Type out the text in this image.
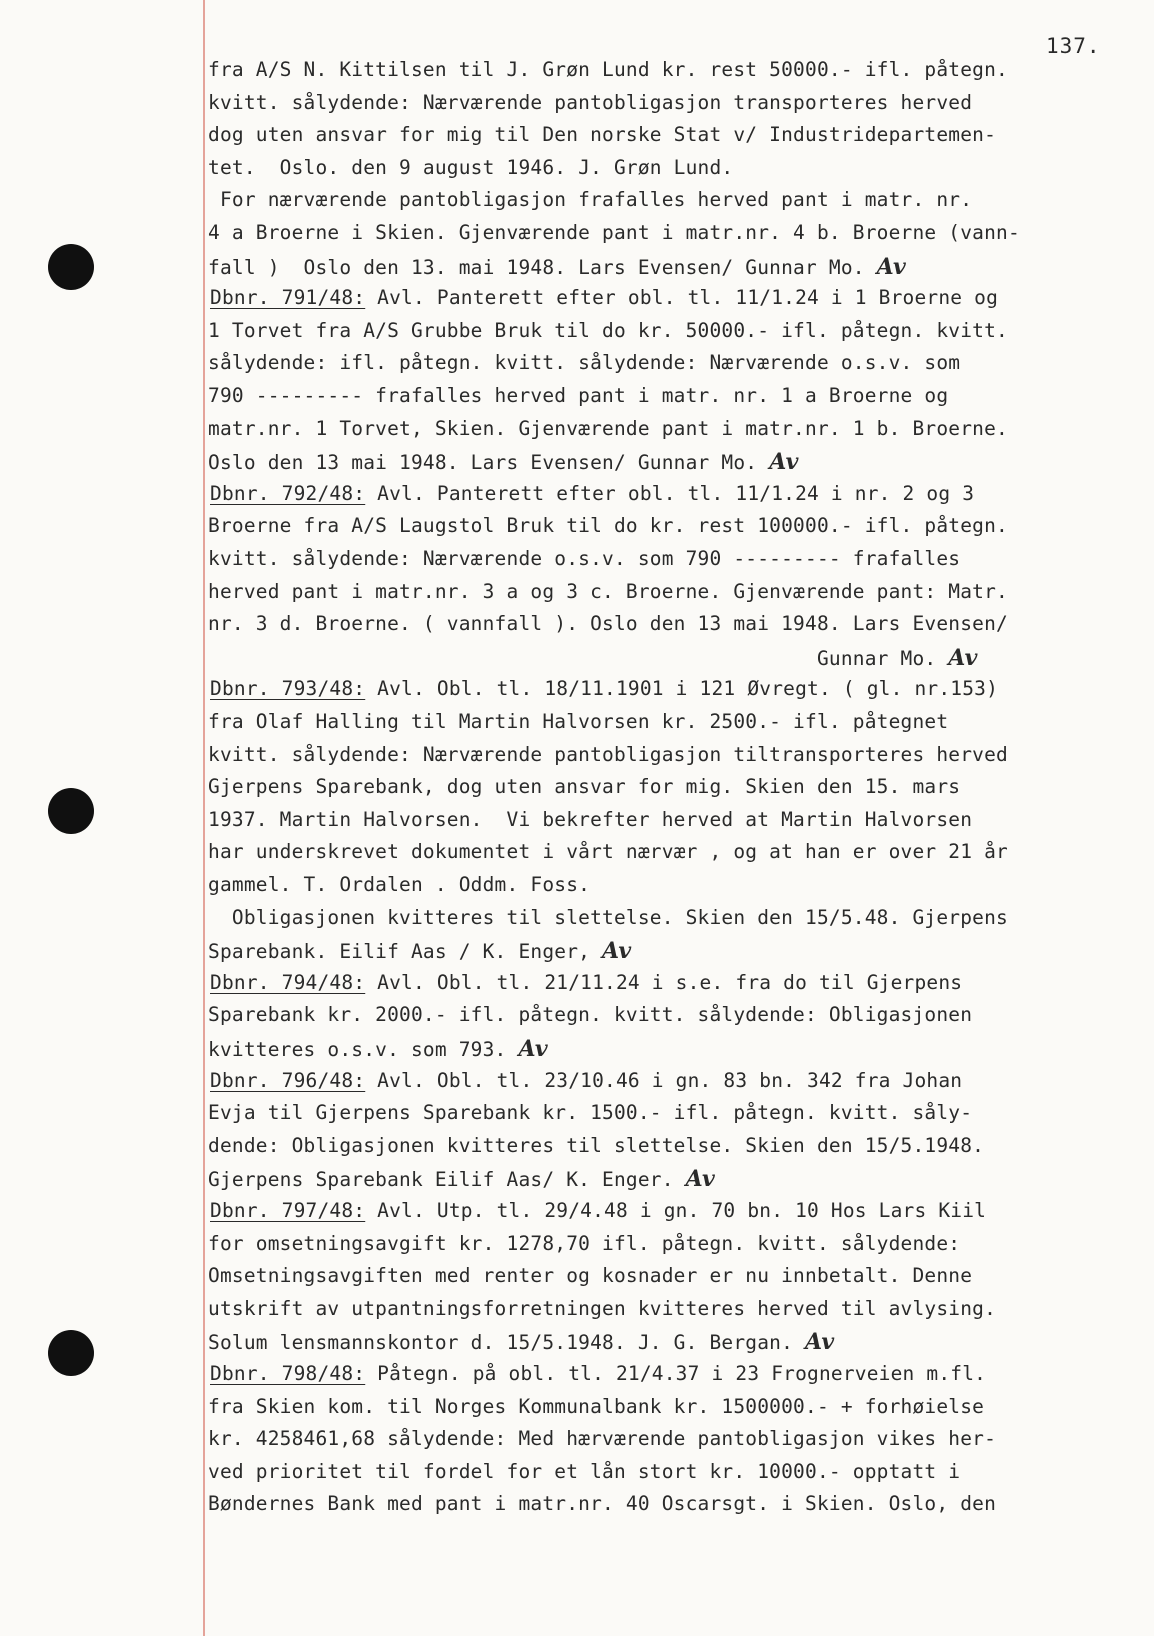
137.
fra A/S N. Kittilsen til J. Grøn Lund kr. rest 50000.- ifl. påtegn.
kvitt. sålydende: Nærværende pantobligasjon transporteres herved
dog uten ansvar for mig til Den norske Stat v/ Industridepartemen-
tet.  Oslo. den 9 august 1946. J. Grøn Lund.
For nærværende pantobligasjon frafalles herved pant i matr. nr.
4 a Broerne i Skien. Gjenværende pant i matr.nr. 4 b. Broerne (vann-
fall )  Oslo den 13. mai 1948. Lars Evensen/ Gunnar Mo. Av
Dbnr. 791/48: Avl. Panterett efter obl. tl. 11/1.24 i 1 Broerne og
1 Torvet fra A/S Grubbe Bruk til do kr. 50000.- ifl. påtegn. kvitt.
sålydende: ifl. påtegn. kvitt. sålydende: Nærværende o.s.v. som
790 --------- frafalles herved pant i matr. nr. 1 a Broerne og
matr.nr. 1 Torvet, Skien. Gjenværende pant i matr.nr. 1 b. Broerne.
Oslo den 13 mai 1948. Lars Evensen/ Gunnar Mo. Av
Dbnr. 792/48: Avl. Panterett efter obl. tl. 11/1.24 i nr. 2 og 3
Broerne fra A/S Laugstol Bruk til do kr. rest 100000.- ifl. påtegn.
kvitt. sålydende: Nærværende o.s.v. som 790 --------- frafalles
herved pant i matr.nr. 3 a og 3 c. Broerne. Gjenværende pant: Matr.
nr. 3 d. Broerne. ( vannfall ). Oslo den 13 mai 1948. Lars Evensen/
Gunnar Mo. Av
Dbnr. 793/48: Avl. Obl. tl. 18/11.1901 i 121 Øvregt. ( gl. nr.153)
fra Olaf Halling til Martin Halvorsen kr. 2500.- ifl. påtegnet
kvitt. sålydende: Nærværende pantobligasjon tiltransporteres herved
Gjerpens Sparebank, dog uten ansvar for mig. Skien den 15. mars
1937. Martin Halvorsen.  Vi bekrefter herved at Martin Halvorsen
har underskrevet dokumentet i vårt nærvær , og at han er over 21 år
gammel. T. Ordalen . Oddm. Foss.
Obligasjonen kvitteres til slettelse. Skien den 15/5.48. Gjerpens
Sparebank. Eilif Aas / K. Enger, Av
Dbnr. 794/48: Avl. Obl. tl. 21/11.24 i s.e. fra do til Gjerpens
Sparebank kr. 2000.- ifl. påtegn. kvitt. sålydende: Obligasjonen
kvitteres o.s.v. som 793. Av
Dbnr. 796/48: Avl. Obl. tl. 23/10.46 i gn. 83 bn. 342 fra Johan
Evja til Gjerpens Sparebank kr. 1500.- ifl. påtegn. kvitt. såly-
dende: Obligasjonen kvitteres til slettelse. Skien den 15/5.1948.
Gjerpens Sparebank Eilif Aas/ K. Enger. Av
Dbnr. 797/48: Avl. Utp. tl. 29/4.48 i gn. 70 bn. 10 Hos Lars Kiil
for omsetningsavgift kr. 1278,70 ifl. påtegn. kvitt. sålydende:
Omsetningsavgiften med renter og kosnader er nu innbetalt. Denne
utskrift av utpantningsforretningen kvitteres herved til avlysing.
Solum lensmannskontor d. 15/5.1948. J. G. Bergan. Av
Dbnr. 798/48: Påtegn. på obl. tl. 21/4.37 i 23 Frognerveien m.fl.
fra Skien kom. til Norges Kommunalbank kr. 1500000.- + forhøielse
kr. 4258461,68 sålydende: Med hærværende pantobligasjon vikes her-
ved prioritet til fordel for et lån stort kr. 10000.- opptatt i
Bøndernes Bank med pant i matr.nr. 40 Oscarsgt. i Skien. Oslo, den
